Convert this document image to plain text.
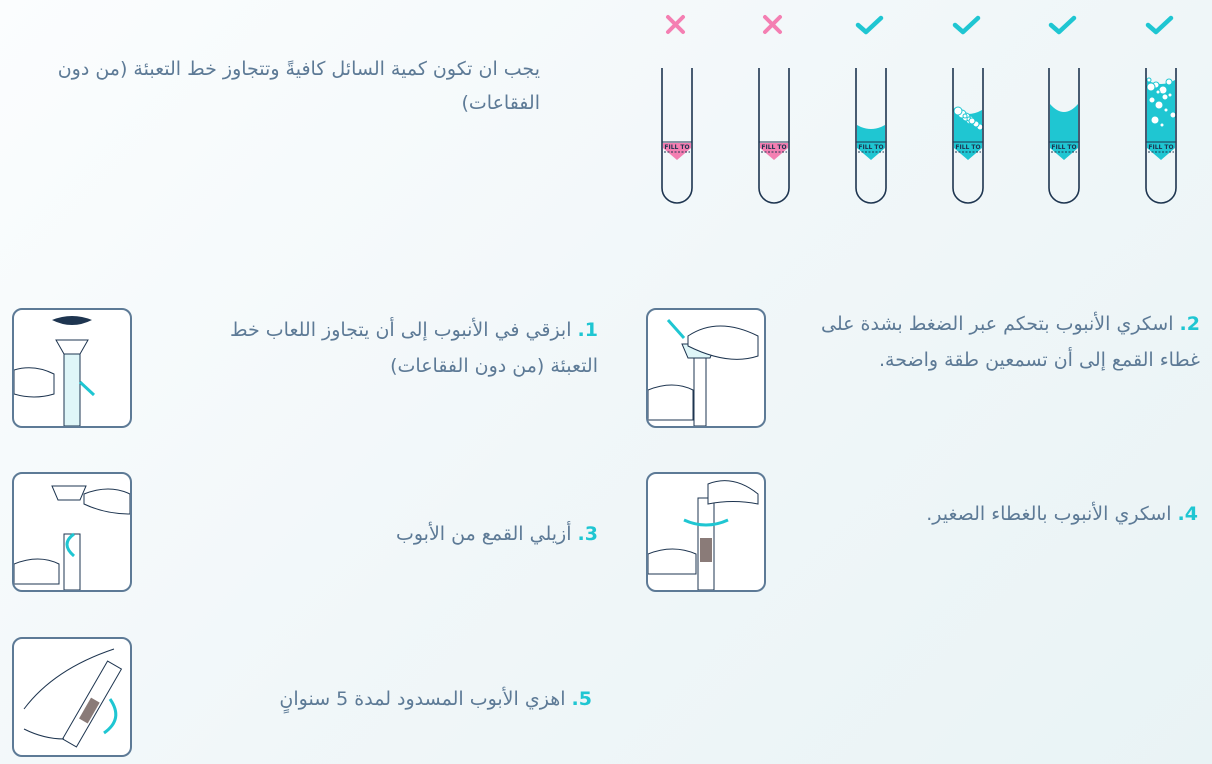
يجب ان تكون كمية السائل كافيةً وتتجاوز خط التعبئة (من دون الفقاعات)
FILL TO	FILL TO	FILL TO	FILL TO	FILL TO	FILL TO
1. ابزقي في الأنبوب إلى أن يتجاوز اللعاب خط التعبئة (من دون الفقاعات)
2. اسكري الأنبوب بتحكم عبر الضغط بشدة على غطاء القمع إلى أن تسمعين طقة واضحة.
3. أزيلي القمع من الأبوب
4. اسكري الأنبوب بالغطاء الصغير.
5. اهزي الأبوب المسدود لمدة 5 سنوانٍ
